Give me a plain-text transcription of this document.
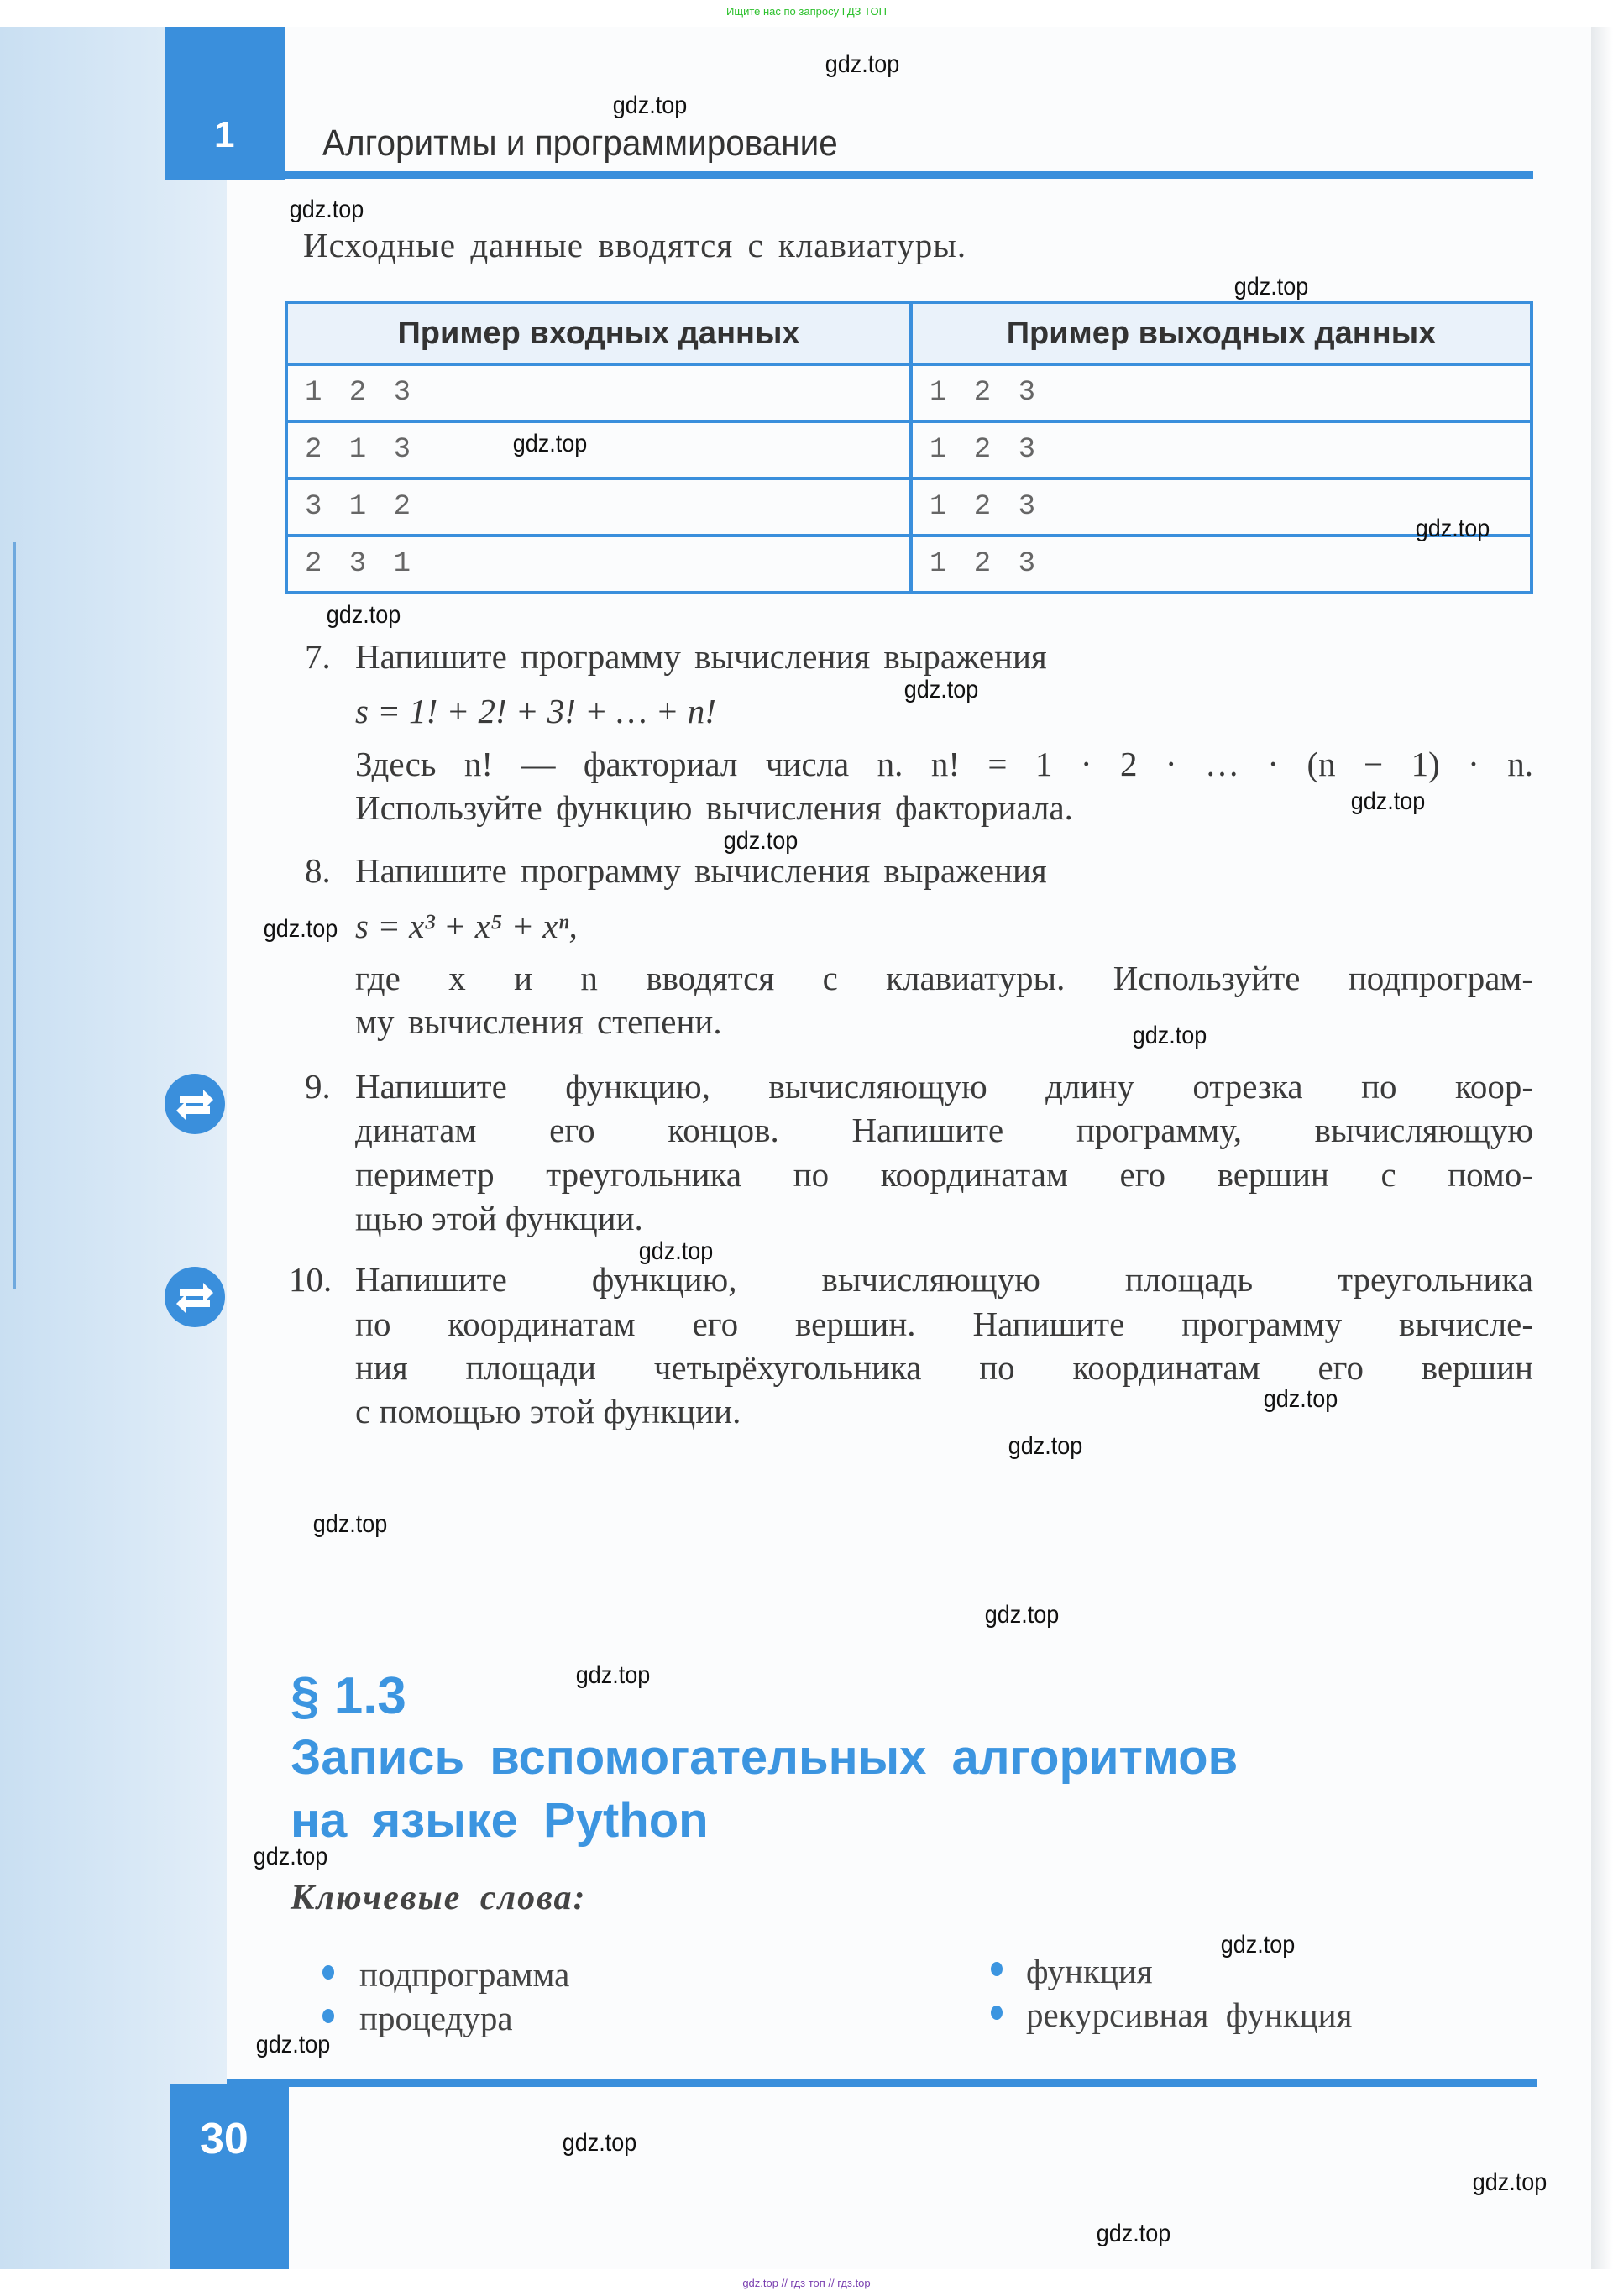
Ищите нас по запросу ГДЗ ТОП
1 Алгоритмы и программирование
Исходные данные вводятся с клавиатуры.
Пример входных данных	Пример выходных данных
1 2 3	1 2 3
2 1 3	1 2 3
3 1 2	1 2 3
2 3 1	1 2 3
7. Напишите программу вычисления выражения
s = 1! + 2! + 3! + … + n!
Здесь n! — факториал числа n. n! = 1 · 2 · … · (n − 1) · n.
Используйте функцию вычисления факториала.
8. Напишите программу вычисления выражения
s = x³ + x⁵ + xⁿ,
где x и n вводятся с клавиатуры. Используйте подпрограм-
му вычисления степени.
9. Напишите функцию, вычисляющую длину отрезка по коор-
динатам его концов. Напишите программу, вычисляющую
периметр треугольника по координатам его вершин с помо-
щью этой функции.
10. Напишите функцию, вычисляющую площадь треугольника
по координатам его вершин. Напишите программу вычисле-
ния площади четырёхугольника по координатам его вершин
с помощью этой функции.
§ 1.3
Запись вспомогательных алгоритмов
на языке Python
Ключевые слова:
подпрограмма
процедура
функция
рекурсивная функция
30
gdz.top
gdz.top
gdz.top
gdz.top
gdz.top
gdz.top
gdz.top
gdz.top
gdz.top
gdz.top
gdz.top
gdz.top
gdz.top
gdz.top
gdz.top
gdz.top
gdz.top
gdz.top
gdz.top
gdz.top
gdz.top
gdz.top
gdz.top
gdz.top
gdz.top // гдз топ // гдз.top
